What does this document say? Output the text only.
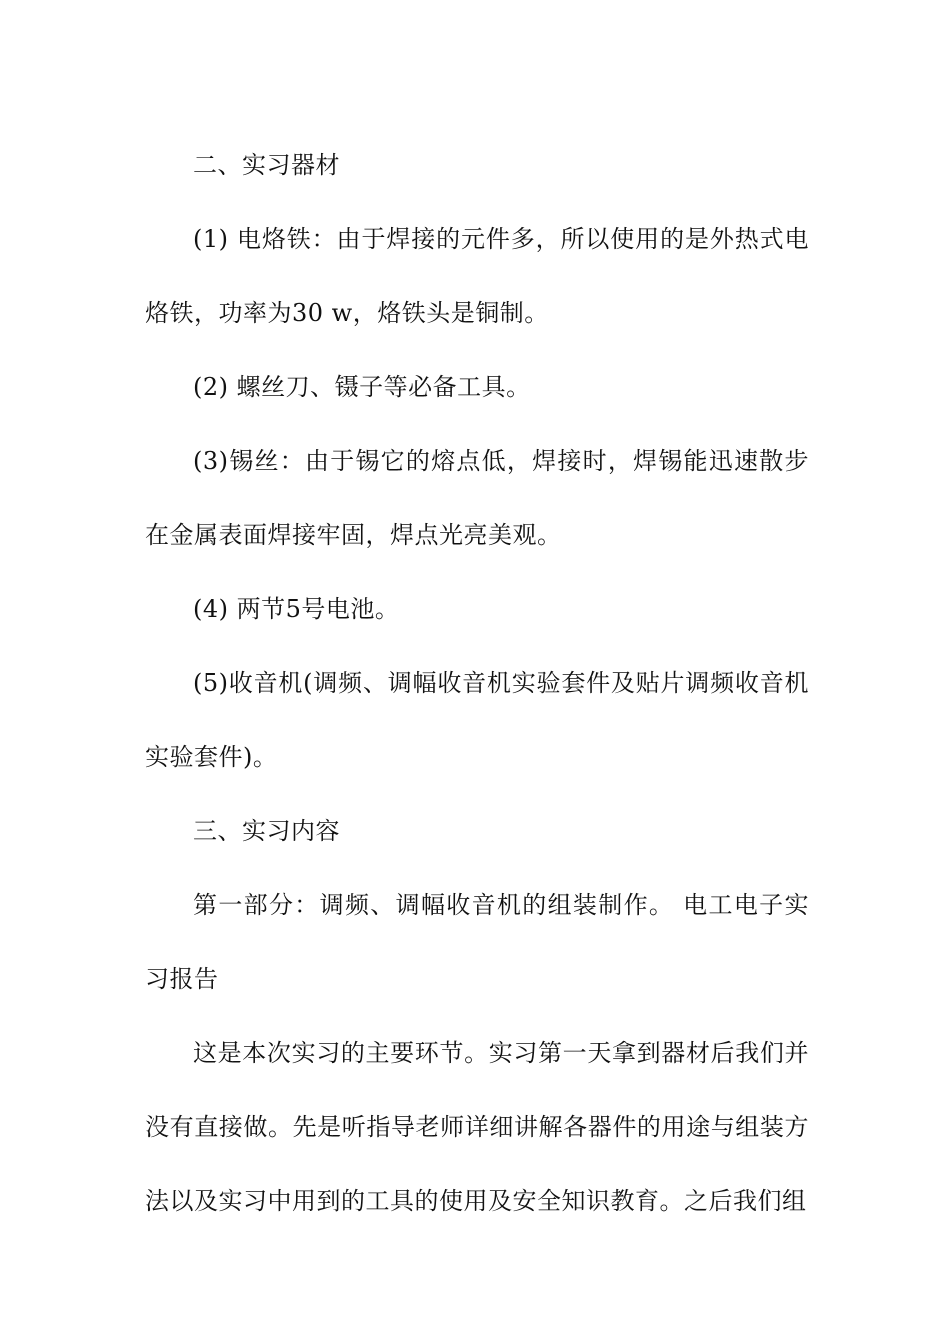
二、实习器材

(1) 电烙铁：由于焊接的元件多，所以使用的是外热式电烙铁，功率为30 w，烙铁头是铜制。

(2) 螺丝刀、镊子等必备工具。

(3)锡丝：由于锡它的熔点低，焊接时，焊锡能迅速散步在金属表面焊接牢固，焊点光亮美观。

(4) 两节5号电池。

(5)收音机(调频、调幅收音机实验套件及贴片调频收音机实验套件)。

三、实习内容

第一部分：调频、调幅收音机的组装制作。 电工电子实习报告

这是本次实习的主要环节。实习第一天拿到器材后我们并没有直接做。先是听指导老师详细讲解各器件的用途与组装方法以及实习中用到的工具的使用及安全知识教育。之后我们组
